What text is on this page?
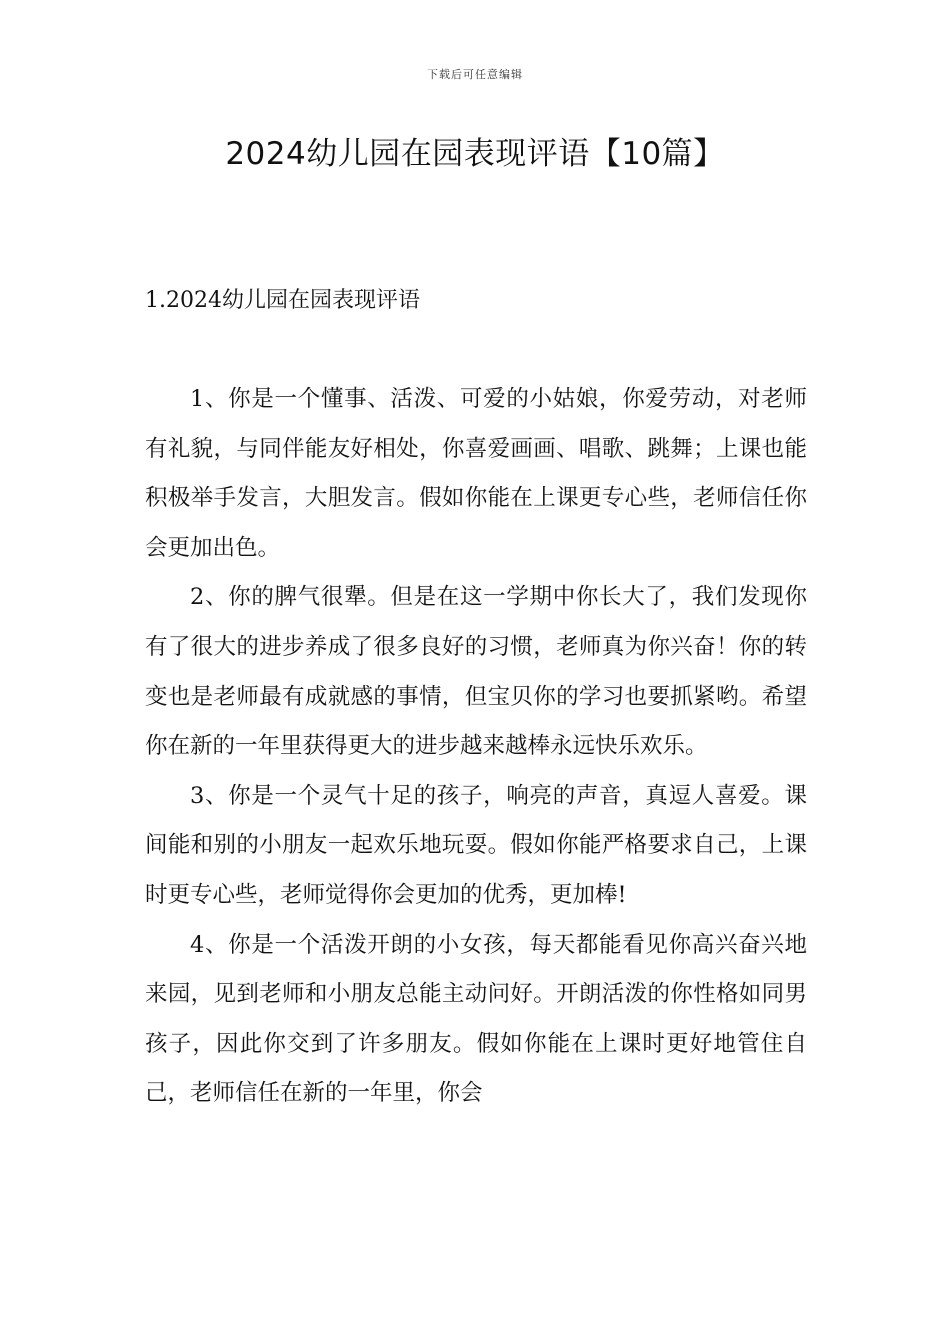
下载后可任意编辑
2024幼儿园在园表现评语【10篇】
1.2024幼儿园在园表现评语

1、你是一个懂事、活泼、可爱的小姑娘，你爱劳动，对老师有礼貌，与同伴能友好相处，你喜爱画画、唱歌、跳舞；上课也能积极举手发言，大胆发言。假如你能在上课更专心些，老师信任你会更加出色。

2、你的脾气很犟。但是在这一学期中你长大了，我们发现你有了很大的进步养成了很多良好的习惯，老师真为你兴奋！你的转变也是老师最有成就感的事情，但宝贝你的学习也要抓紧哟。希望你在新的一年里获得更大的进步越来越棒永远快乐欢乐。

3、你是一个灵气十足的孩子，响亮的声音，真逗人喜爱。课间能和别的小朋友一起欢乐地玩耍。假如你能严格要求自己，上课时更专心些，老师觉得你会更加的优秀，更加棒!

4、你是一个活泼开朗的小女孩，每天都能看见你高兴奋兴地来园，见到老师和小朋友总能主动问好。开朗活泼的你性格如同男孩子，因此你交到了许多朋友。假如你能在上课时更好地管住自己，老师信任在新的一年里，你会
